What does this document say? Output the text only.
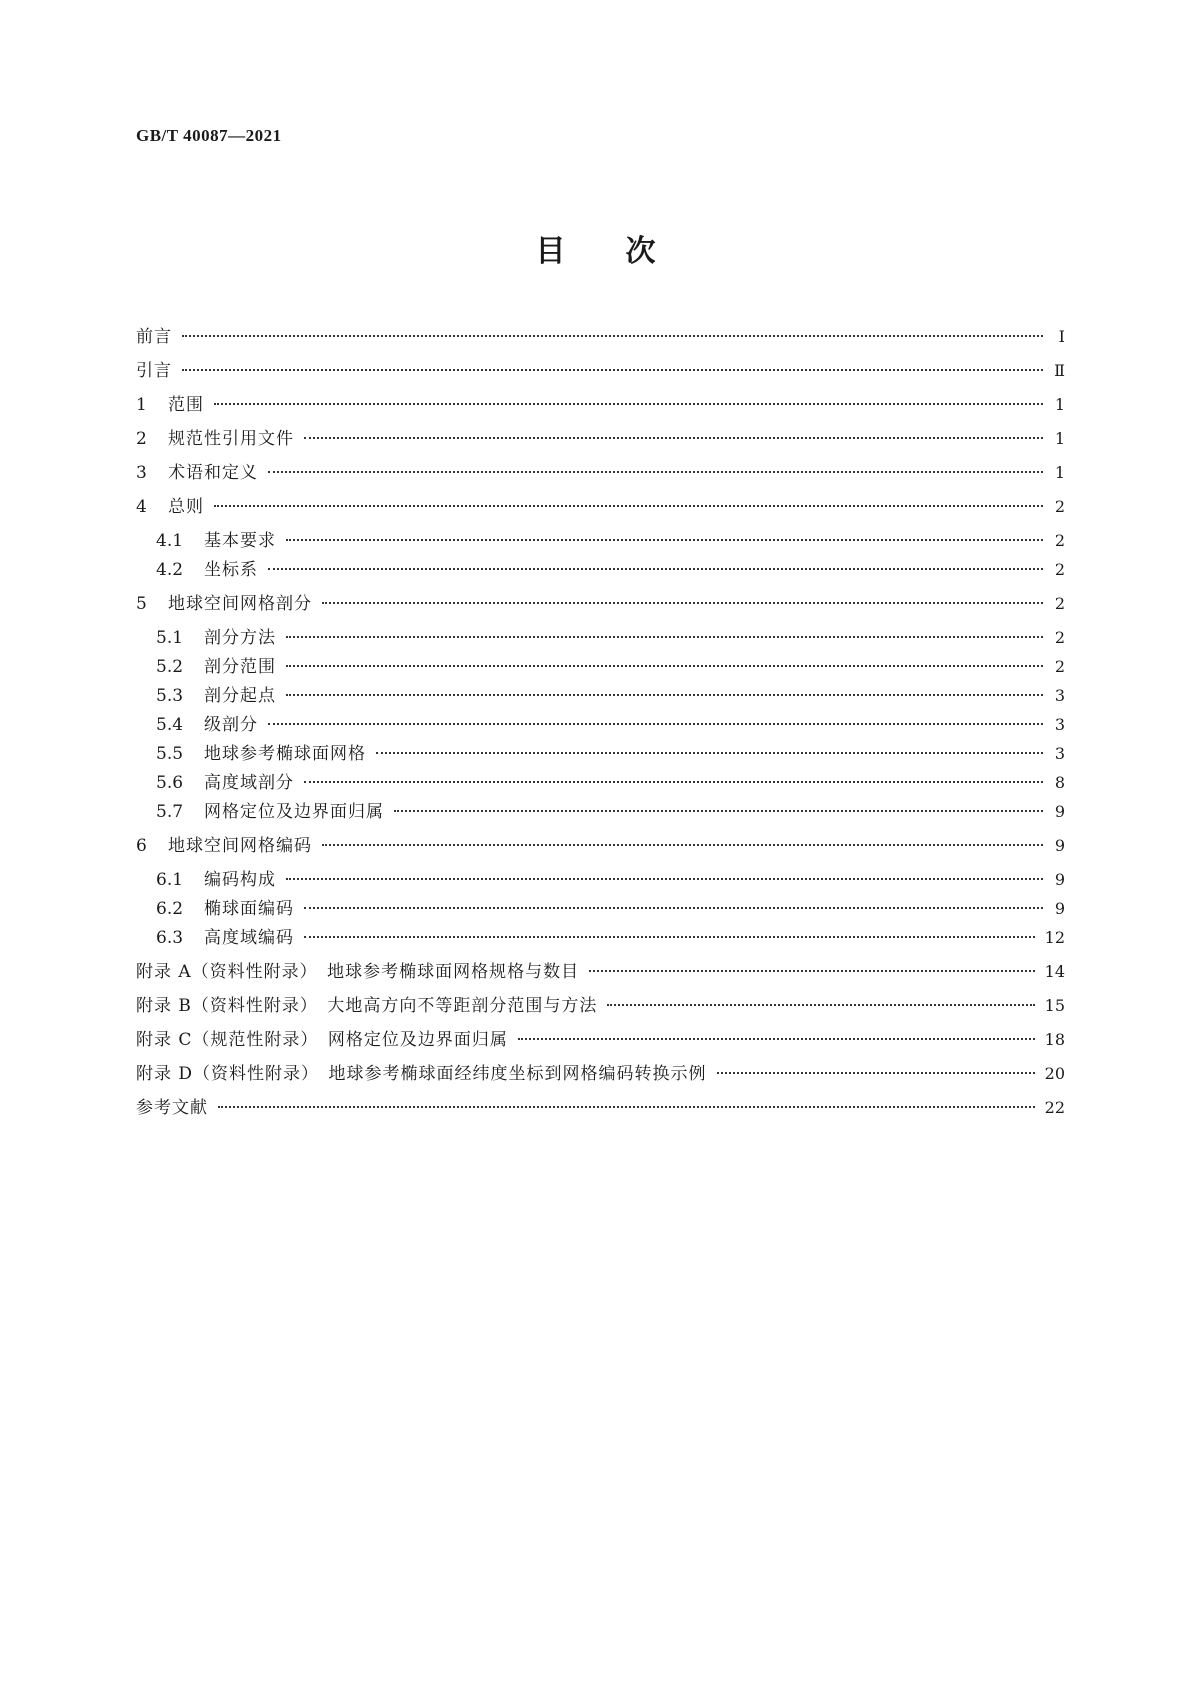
GB/T 40087—2021
目次
前言	Ⅰ
引言	Ⅱ
1	范围	1
2	规范性引用文件	1
3	术语和定义	1
4	总则	2
4.1	基本要求	2
4.2	坐标系	2
5	地球空间网格剖分	2
5.1	剖分方法	2
5.2	剖分范围	2
5.3	剖分起点	3
5.4	级剖分	3
5.5	地球参考椭球面网格	3
5.6	高度域剖分	8
5.7	网格定位及边界面归属	9
6	地球空间网格编码	9
6.1	编码构成	9
6.2	椭球面编码	9
6.3	高度域编码	12
附录 A（资料性附录）　地球参考椭球面网格规格与数目	14
附录 B（资料性附录）　大地高方向不等距剖分范围与方法	15
附录 C（规范性附录）　网格定位及边界面归属	18
附录 D（资料性附录）　地球参考椭球面经纬度坐标到网格编码转换示例	20
参考文献	22
